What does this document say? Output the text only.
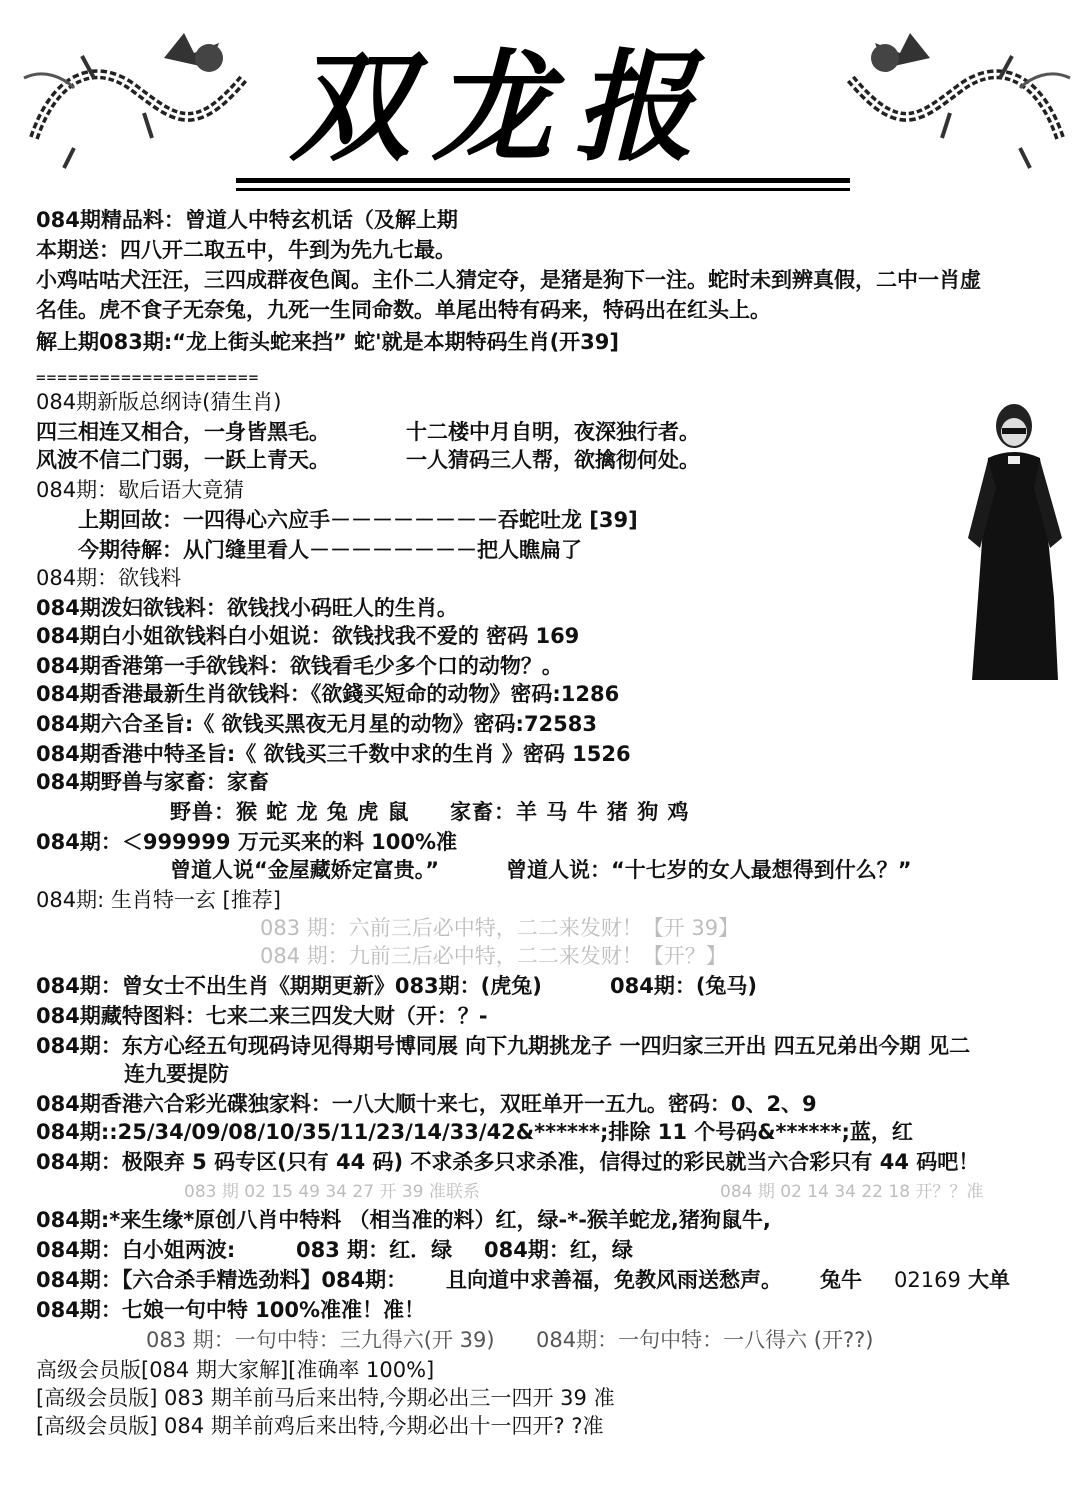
双龙报
084期精品料：曾道人中特玄机话（及解上期
本期送：四八开二取五中，牛到为先九七最。
小鸡咕咕犬汪汪，三四成群夜色阆。主仆二人猜定夺，是猪是狗下一注。蛇时未到辨真假，二中一肖虚
名佳。虎不食子无奈兔，九死一生同命数。单尾出特有码来，特码出在红头上。
解上期083期:“龙上街头蛇来挡” 蛇'就是本期特码生肖(开39]
=====================
084期新版总纲诗(猜生肖)
四三相连又相合，一身皆黑毛。	十二楼中月自明，夜深独行者。
风波不信二门弱，一跃上青天。	一人猜码三人帮，欲擒彻何处。
084期：歇后语大竟猜
上期回故：一四得心六应手－－－－－－－－吞蛇吐龙 [39]
今期待解：从门缝里看人－－－－－－－－把人瞧扁了
084期：欲钱料
084期泼妇欲钱料：欲钱找小码旺人的生肖。
084期白小姐欲钱料白小姐说：欲钱找我不爱的 密码 169
084期香港第一手欲钱料：欲钱看毛少多个口的动物？。
084期香港最新生肖欲钱料：《欲錢买短命的动物》密码:1286
084期六合圣旨:《 欲钱买黑夜无月星的动物》密码:72583
084期香港中特圣旨:《 欲钱买三千数中求的生肖 》密码 1526
084期野兽与家畜：家畜
野兽：猴 蛇 龙 兔 虎 鼠 家畜：羊 马 牛 猪 狗 鸡
084期：＜999999 万元买来的料 100%准
曾道人说“金屋藏娇定富贵。”	曾道人说：“十七岁的女人最想得到什么？”
084期: 生肖特一玄 [推荐]
083 期：六前三后必中特，二二来发财！【开 39】
084 期：九前三后必中特，二二来发财！【开？】
084期：曾女士不出生肖《期期更新》083期：(虎兔)	084期：(兔马)
084期藏特图料：七来二来三四发大财（开：？-
084期：东方心经五句现码诗见得期号博同展 向下九期挑龙子 一四归家三开出 四五兄弟出今期 见二
连九要提防
084期香港六合彩光碟独家料：一八大顺十来七，双旺单开一五九。密码：0、2、9
084期::25/34/09/08/10/35/11/23/14/33/42&******;排除 11 个号码&******;蓝，红
084期：极限弃 5 码专区(只有 44 码) 不求杀多只求杀准，信得过的彩民就当六合彩只有 44 码吧！
083 期 02 15 49 34 27 开 39 准联系	084 期 02 14 34 22 18 开？？准
084期:*来生缘*原创八肖中特料 （相当准的料）红，绿-*-猴羊蛇龙,猪狗鼠牛,
084期：白小姐两波:	083 期：红．绿 084期：红，绿
084期：【六合杀手精选劲料】084期： 且向道中求善福，免教风雨送愁声。 兔牛 02169 大单
084期：七娘一句中特 100%准准！准！
083 期：一句中特：三九得六(开 39) 084期：一句中特：一八得六 (开??)
高级会员版[084 期大家解][准确率 100%]
[高级会员版] 083 期羊前马后来出特,今期必出三一四开 39 准
[高级会员版] 084 期羊前鸡后来出特,今期必出十一四开? ?准
